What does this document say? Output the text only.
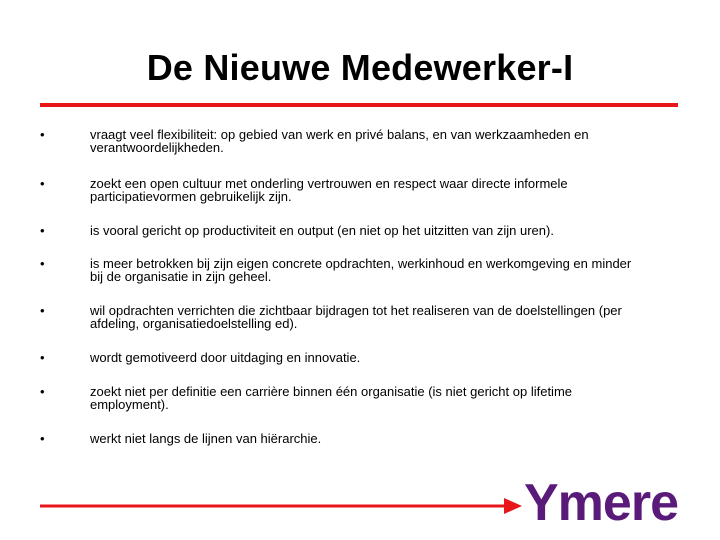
De Nieuwe Medewerker-I
•	vraagt veel flexibiliteit: op gebied van werk en privé balans, en van werkzaamheden en
verantwoordelijkheden.
•	zoekt een open cultuur met onderling vertrouwen en respect waar directe informele
participatievormen gebruikelijk zijn.
•	is vooral gericht op productiviteit en output (en niet op het uitzitten van zijn uren).
•	is meer betrokken bij zijn eigen concrete opdrachten, werkinhoud en werkomgeving en minder
bij de organisatie in zijn geheel.
•	wil opdrachten verrichten die zichtbaar bijdragen tot het realiseren van de doelstellingen (per
afdeling, organisatiedoelstelling ed).
•	wordt gemotiveerd door uitdaging en innovatie.
•	zoekt niet per definitie een carrière binnen één organisatie (is niet gericht op lifetime
employment).
•	werkt niet langs de lijnen van hiërarchie.
Ymere
